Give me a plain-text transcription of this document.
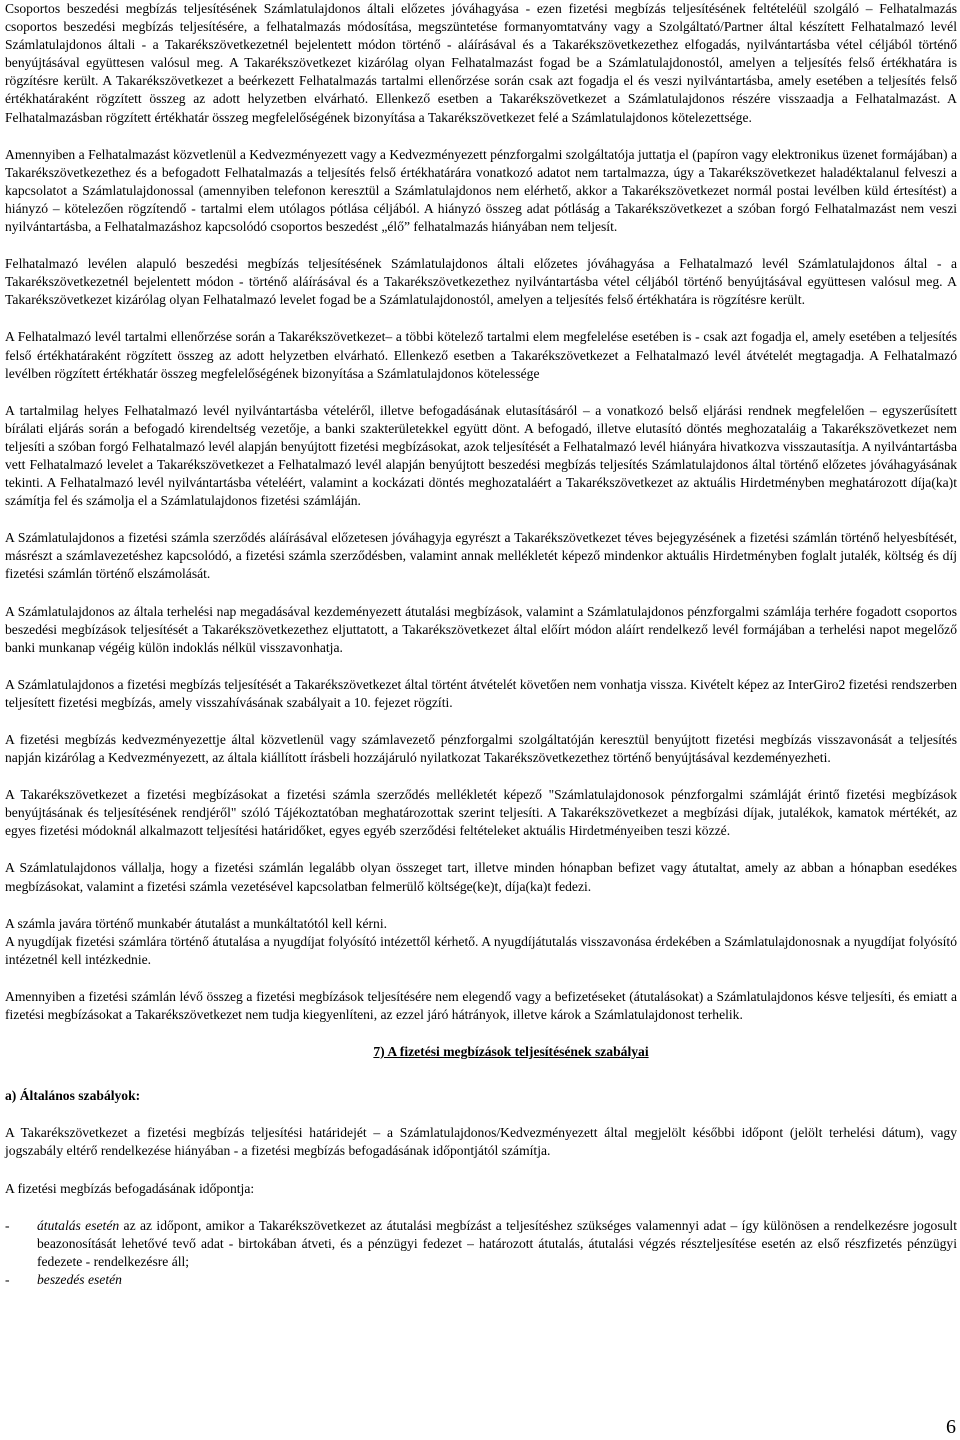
Csoportos beszedési megbízás teljesítésének Számlatulajdonos általi előzetes jóváhagyása - ezen fizetési megbízás teljesítésének feltételéül szolgáló – Felhatalmazás csoportos beszedési megbízás teljesítésére, a felhatalmazás módosítása, megszüntetése formanyomtatvány vagy a Szolgáltató/Partner által készített Felhatalmazó levél Számlatulajdonos általi - a Takarékszövetkezetnél bejelentett módon történő - aláírásával és a Takarékszövetkezethez elfogadás, nyilvántartásba vétel céljából történő benyújtásával együttesen valósul meg. A Takarékszövetkezet kizárólag olyan Felhatalmazást fogad be a Számlatulajdonostól, amelyen a teljesítés felső értékhatára is rögzítésre került. A Takarékszövetkezet a beérkezett Felhatalmazás tartalmi ellenőrzése során csak azt fogadja el és veszi nyilvántartásba, amely esetében a teljesítés felső értékhatáraként rögzített összeg az adott helyzetben elvárható. Ellenkező esetben a Takarékszövetkezet a Számlatulajdonos részére visszaadja a Felhatalmazást. A Felhatalmazásban rögzített értékhatár összeg megfelelőségének bizonyítása a Takarékszövetkezet felé a Számlatulajdonos kötelezettsége.

Amennyiben a Felhatalmazást közvetlenül a Kedvezményezett vagy a Kedvezményezett pénzforgalmi szolgáltatója juttatja el (papíron vagy elektronikus üzenet formájában) a Takarékszövetkezethez és a befogadott Felhatalmazás a teljesítés felső értékhatárára vonatkozó adatot nem tartalmazza, úgy a Takarékszövetkezet haladéktalanul felveszi a kapcsolatot a Számlatulajdonossal (amennyiben telefonon keresztül a Számlatulajdonos nem elérhető, akkor a Takarékszövetkezet normál postai levélben küld értesítést) a hiányzó – kötelezően rögzítendő - tartalmi elem utólagos pótlása céljából. A hiányzó összeg adat pótláság a Takarékszövetkezet a szóban forgó Felhatalmazást nem veszi nyilvántartásba, a Felhatalmazáshoz kapcsolódó csoportos beszedést „élő” felhatalmazás hiányában nem teljesít.

Felhatalmazó levélen alapuló beszedési megbízás teljesítésének Számlatulajdonos általi előzetes jóváhagyása a Felhatalmazó levél Számlatulajdonos által - a Takarékszövetkezetnél bejelentett módon - történő aláírásával és a Takarékszövetkezethez nyilvántartásba vétel céljából történő benyújtásával együttesen valósul meg. A Takarékszövetkezet kizárólag olyan Felhatalmazó levelet fogad be a Számlatulajdonostól, amelyen a teljesítés felső értékhatára is rögzítésre került.

A Felhatalmazó levél tartalmi ellenőrzése során a Takarékszövetkezet– a többi kötelező tartalmi elem megfelelése esetében is - csak azt fogadja el, amely esetében a teljesítés felső értékhatáraként rögzített összeg az adott helyzetben elvárható. Ellenkező esetben a Takarékszövetkezet a Felhatalmazó levél átvételét megtagadja. A Felhatalmazó levélben rögzített értékhatár összeg megfelelőségének bizonyítása a Számlatulajdonos kötelessége

A tartalmilag helyes Felhatalmazó levél nyilvántartásba vételéről, illetve befogadásának elutasításáról – a vonatkozó belső eljárási rendnek megfelelően – egyszerűsített bírálati eljárás során a befogadó kirendeltség vezetője, a banki szakterületekkel együtt dönt. A befogadó, illetve elutasító döntés meghozataláig a Takarékszövetkezet nem teljesíti a szóban forgó Felhatalmazó levél alapján benyújtott fizetési megbízásokat, azok teljesítését a Felhatalmazó levél hiányára hivatkozva visszautasítja. A nyilvántartásba vett Felhatalmazó levelet a Takarékszövetkezet a Felhatalmazó levél alapján benyújtott beszedési megbízás teljesítés Számlatulajdonos által történő előzetes jóváhagyásának tekinti. A Felhatalmazó levél nyilvántartásba vételéért, valamint a kockázati döntés meghozataláért a Takarékszövetkezet az aktuális Hirdetményben meghatározott díja(ka)t számítja fel és számolja el a Számlatulajdonos fizetési számláján.

A Számlatulajdonos a fizetési számla szerződés aláírásával előzetesen jóváhagyja egyrészt a Takarékszövetkezet téves bejegyzésének a fizetési számlán történő helyesbítését, másrészt a számlavezetéshez kapcsolódó, a fizetési számla szerződésben, valamint annak mellékletét képező mindenkor aktuális Hirdetményben foglalt jutalék, költség és díj fizetési számlán történő elszámolását.

A Számlatulajdonos az általa terhelési nap megadásával kezdeményezett átutalási megbízások, valamint a Számlatulajdonos pénzforgalmi számlája terhére fogadott csoportos beszedési megbízások teljesítését a Takarékszövetkezethez eljuttatott, a Takarékszövetkezet által előírt módon aláírt rendelkező levél formájában a terhelési napot megelőző banki munkanap végéig külön indoklás nélkül visszavonhatja.

A Számlatulajdonos a fizetési megbízás teljesítését a Takarékszövetkezet által történt átvételét követően nem vonhatja vissza. Kivételt képez az InterGiro2 fizetési rendszerben teljesített fizetési megbízás, amely visszahívásának szabályait a 10. fejezet rögzíti.

A fizetési megbízás kedvezményezettje által közvetlenül vagy számlavezető pénzforgalmi szolgáltatóján keresztül benyújtott fizetési megbízás visszavonását a teljesítés napján kizárólag a Kedvezményezett, az általa kiállított írásbeli hozzájáruló nyilatkozat Takarékszövetkezethez történő benyújtásával kezdeményezheti.

A Takarékszövetkezet a fizetési megbízásokat a fizetési számla szerződés mellékletét képező "Számlatulajdonosok pénzforgalmi számláját érintő fizetési megbízások benyújtásának és teljesítésének rendjéről" szóló Tájékoztatóban meghatározottak szerint teljesíti. A Takarékszövetkezet a megbízási díjak, jutalékok, kamatok mértékét, az egyes fizetési módoknál alkalmazott teljesítési határidőket, egyes egyéb szerződési feltételeket aktuális Hirdetményeiben teszi közzé.

A Számlatulajdonos vállalja, hogy a fizetési számlán legalább olyan összeget tart, illetve minden hónapban befizet vagy átutaltat, amely az abban a hónapban esedékes megbízásokat, valamint a fizetési számla vezetésével kapcsolatban felmerülő költsége(ke)t, díja(ka)t fedezi.

A számla javára történő munkabér átutalást a munkáltatótól kell kérni.

A nyugdíjak fizetési számlára történő átutalása a nyugdíjat folyósító intézettől kérhető. A nyugdíjátutalás visszavonása érdekében a Számlatulajdonosnak a nyugdíjat folyósító intézetnél kell intézkednie.

Amennyiben a fizetési számlán lévő összeg a fizetési megbízások teljesítésére nem elegendő vagy a befizetéseket (átutalásokat) a Számlatulajdonos késve teljesíti, és emiatt a fizetési megbízásokat a Takarékszövetkezet nem tudja kiegyenlíteni, az ezzel járó hátrányok, illetve károk a Számlatulajdonost terhelik.

7) A fizetési megbízások teljesítésének szabályai

a) Általános szabályok:

A Takarékszövetkezet a fizetési megbízás teljesítési határidejét – a Számlatulajdonos/Kedvezményezett által megjelölt későbbi időpont (jelölt terhelési dátum), vagy jogszabály eltérő rendelkezése hiányában - a fizetési megbízás befogadásának időpontjától számítja.

A fizetési megbízás befogadásának időpontja:

-	átutalás esetén az az időpont, amikor a Takarékszövetkezet az átutalási megbízást a teljesítéshez szükséges valamennyi adat – így különösen a rendelkezésre jogosult beazonosítását lehetővé tevő adat - birtokában átveti, és a pénzügyi fedezet – határozott átutalás, átutalási végzés részteljesítése esetén az első részfizetés pénzügyi fedezete - rendelkezésre áll;
-	beszedés esetén
6
